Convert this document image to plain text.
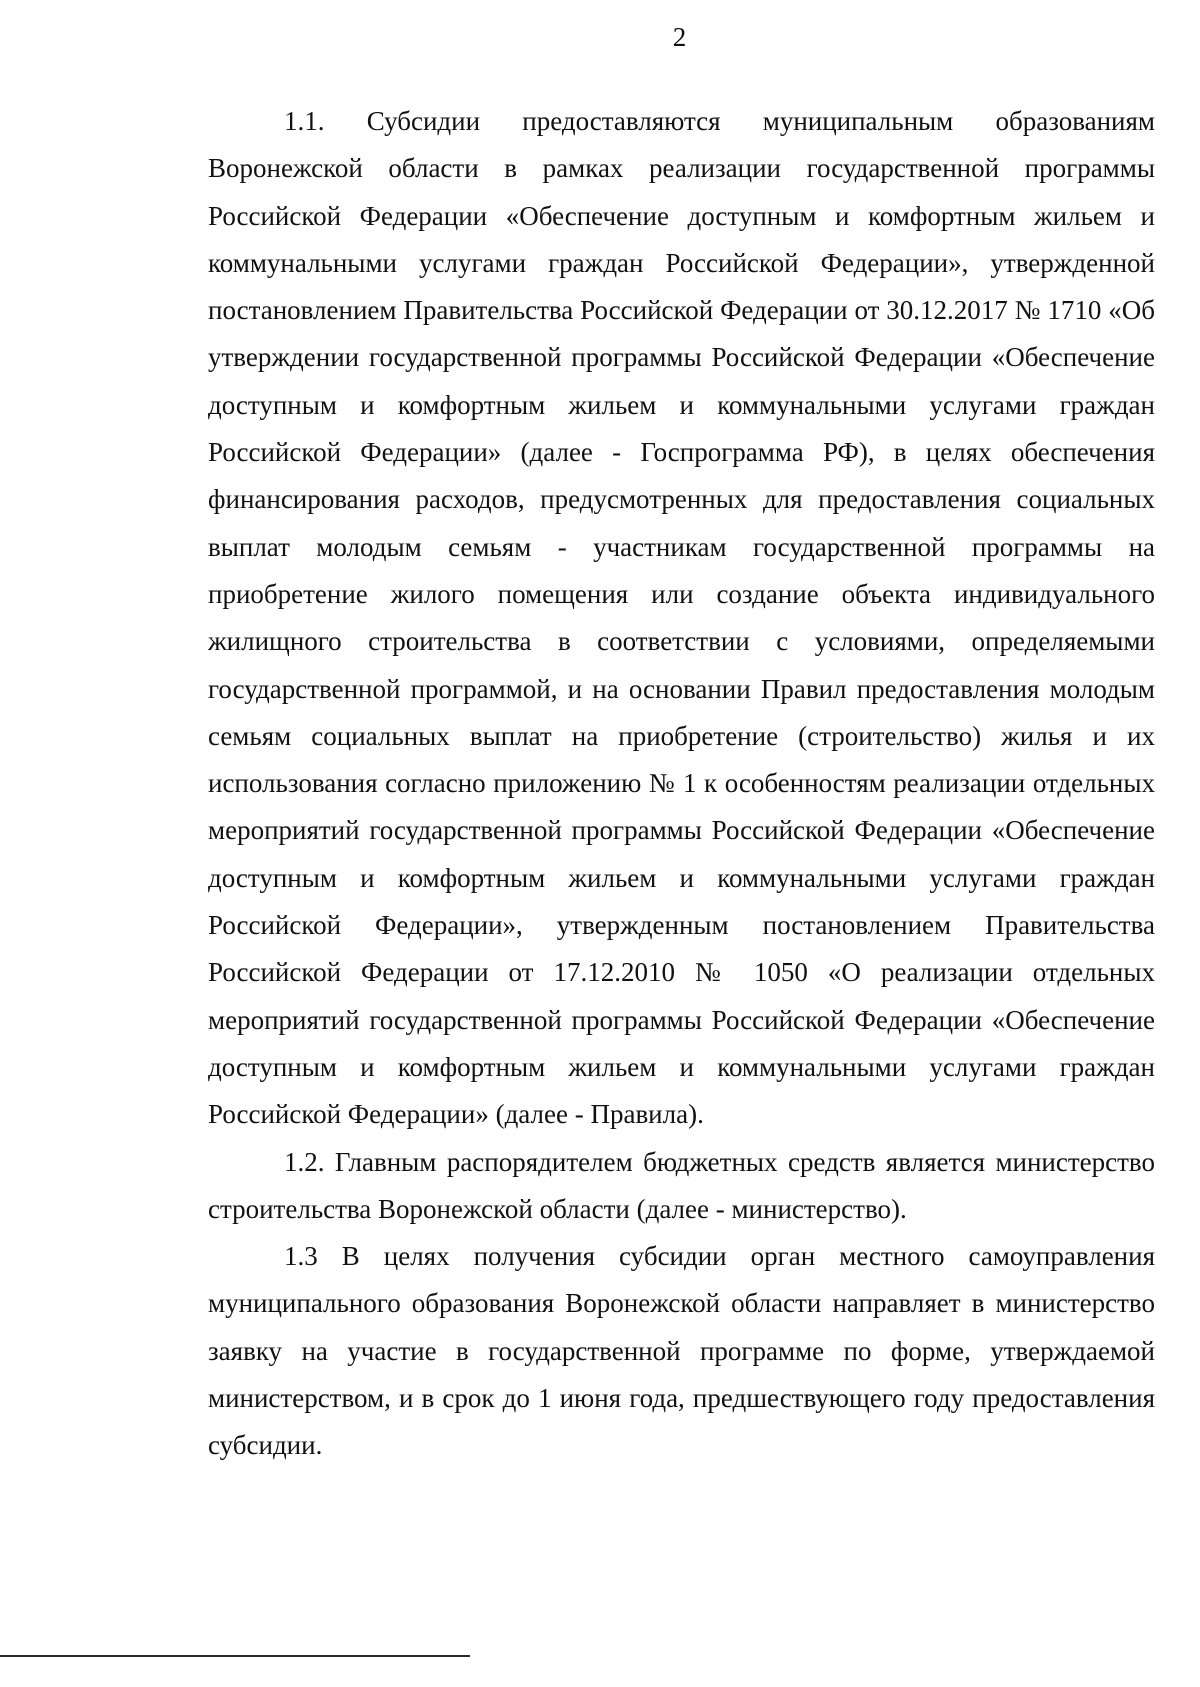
2

1.1. Субсидии предоставляются муниципальным образованиям Воронежской области в рамках реализации государственной программы Российской Федерации «Обеспечение доступным и комфортным жильем и коммунальными услугами граждан Российской Федерации», утвержденной постановлением Правительства Российской Федерации от 30.12.2017 № 1710 «Об утверждении государственной программы Российской Федерации «Обеспечение доступным и комфортным жильем и коммунальными услугами граждан Российской Федерации» (далее - Госпрограмма РФ), в целях обеспечения финансирования расходов, предусмотренных для предоставления социальных выплат молодым семьям - участникам государственной программы на приобретение жилого помещения или создание объекта индивидуального жилищного строительства в соответствии с условиями, определяемыми государственной программой, и на основании Правил предоставления молодым семьям социальных выплат на приобретение (строительство) жилья и их использования согласно приложению № 1 к особенностям реализации отдельных мероприятий государственной программы Российской Федерации «Обеспечение доступным и комфортным жильем и коммунальными услугами граждан Российской Федерации», утвержденным постановлением Правительства Российской Федерации от 17.12.2010 № 1050 «О реализации отдельных мероприятий государственной программы Российской Федерации «Обеспечение доступным и комфортным жильем и коммунальными услугами граждан Российской Федерации» (далее - Правила).

1.2. Главным распорядителем бюджетных средств является министерство строительства Воронежской области (далее - министерство).

1.3 В целях получения субсидии орган местного самоуправления муниципального образования Воронежской области направляет в министерство заявку на участие в государственной программе по форме, утверждаемой министерством, и в срок до 1 июня года, предшествующего году предоставления субсидии.
